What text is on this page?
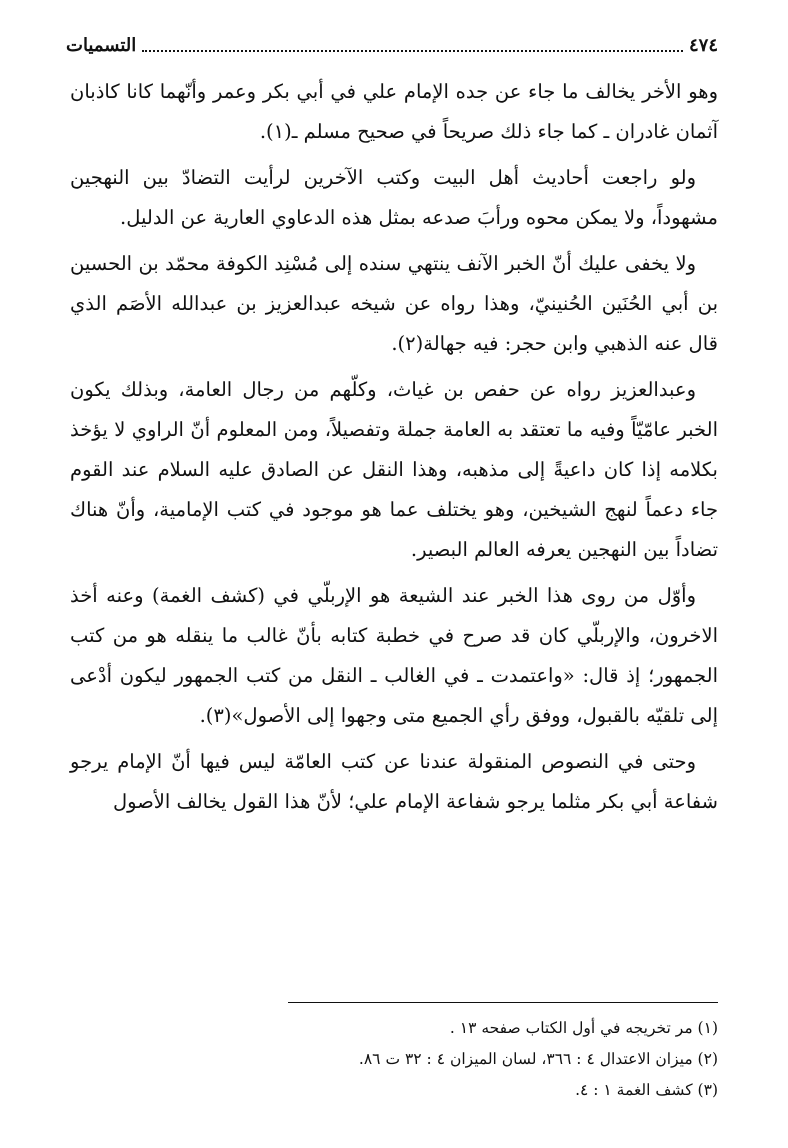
٤٧٤
التسميات

وهو الأخر يخالف ما جاء عن جده الإمام علي في أبي بكر وعمر وأنّهما كانا كاذبان آثمان غادران ـ كما جاء ذلك صريحاً في صحيح مسلم ـ(١).

ولو راجعت أحاديث أهل البيت وكتب الآخرين لرأيت التضادّ بين النهجين مشهوداً، ولا يمكن محوه ورأبَ صدعه بمثل هذه الدعاوي العارية عن الدليل.

ولا يخفى عليك أنّ الخبر الآنف ينتهي سنده إلى مُسْنِد الكوفة محمّد بن الحسين بن أبي الحُنَين الحُنينيّ، وهذا رواه عن شيخه عبدالعزيز بن عبدالله الأصَم الذي قال عنه الذهبي وابن حجر: فيه جهالة(٢).

وعبدالعزيز رواه عن حفص بن غياث، وكلّهم من رجال العامة، وبذلك يكون الخبر عامّيّاً وفيه ما تعتقد به العامة جملة وتفصيلاً، ومن المعلوم أنّ الراوي لا يؤخذ بكلامه إذا كان داعيةً إلى مذهبه، وهذا النقل عن الصادق عليه السلام عند القوم جاء دعماً لنهج الشيخين، وهو يختلف عما هو موجود في كتب الإمامية، وأنّ هناك تضاداً بين النهجين يعرفه العالم البصير.

وأوّل من روى هذا الخبر عند الشيعة هو الإربلّي في (كشف الغمة) وعنه أخذ الاخرون، والإربلّي كان قد صرح في خطبة كتابه بأنّ غالب ما ينقله هو من كتب الجمهور؛ إذ قال: «واعتمدت ـ في الغالب ـ النقل من كتب الجمهور ليكون أدْعى إلى تلقيّه بالقبول، ووفق رأي الجميع متى وجهوا إلى الأصول»(٣).

وحتى في النصوص المنقولة عندنا عن كتب العامّة ليس فيها أنّ الإمام يرجو شفاعة أبي بكر مثلما يرجو شفاعة الإمام علي؛ لأنّ هذا القول يخالف الأصول

(١) مر تخريجه في أول الكتاب صفحه ١٣ .
(٢) ميزان الاعتدال ٤ : ٣٦٦، لسان الميزان ٤ : ٣٢ ت ٨٦.
(٣) كشف الغمة ١ : ٤.
